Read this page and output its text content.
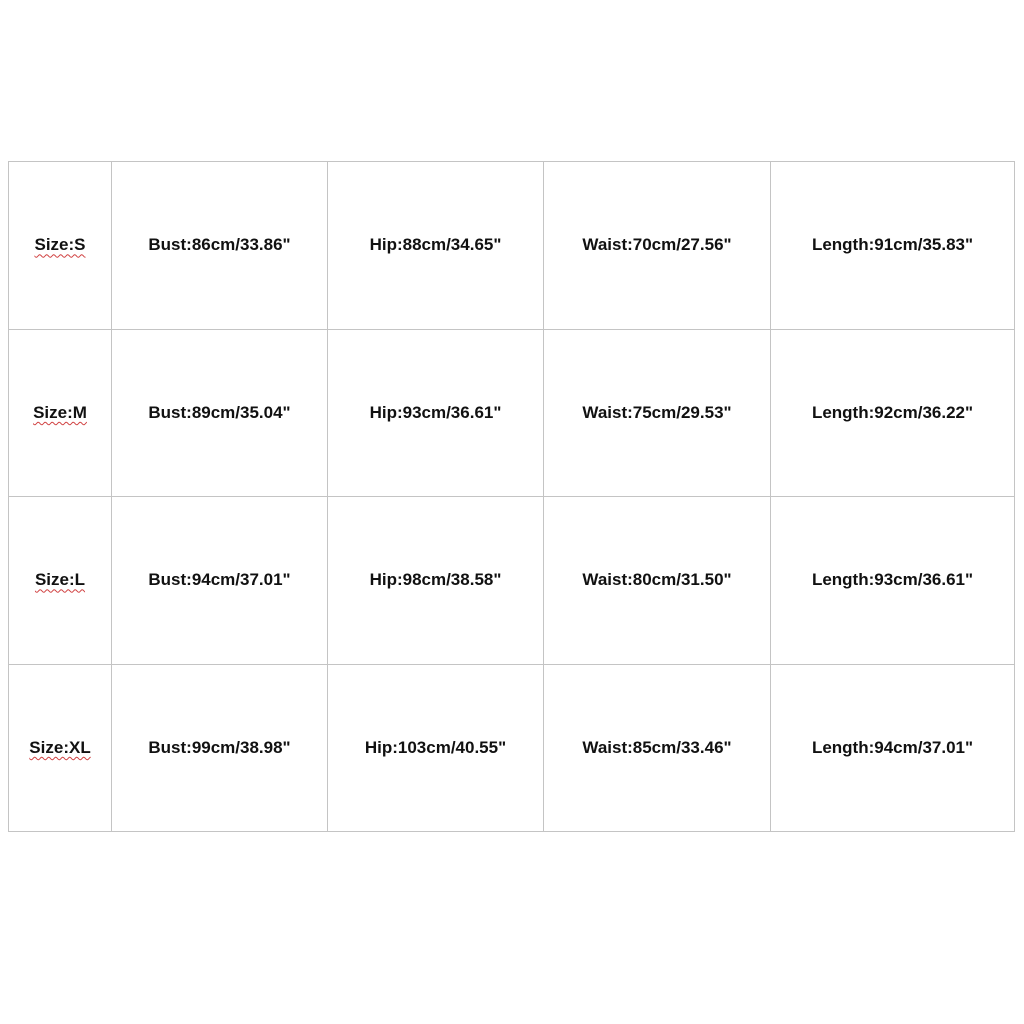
Size:S	Bust:86cm/33.86"	Hip:88cm/34.65"	Waist:70cm/27.56"	Length:91cm/35.83"
Size:M	Bust:89cm/35.04"	Hip:93cm/36.61"	Waist:75cm/29.53"	Length:92cm/36.22"
Size:L	Bust:94cm/37.01"	Hip:98cm/38.58"	Waist:80cm/31.50"	Length:93cm/36.61"
Size:XL	Bust:99cm/38.98"	Hip:103cm/40.55"	Waist:85cm/33.46"	Length:94cm/37.01"
